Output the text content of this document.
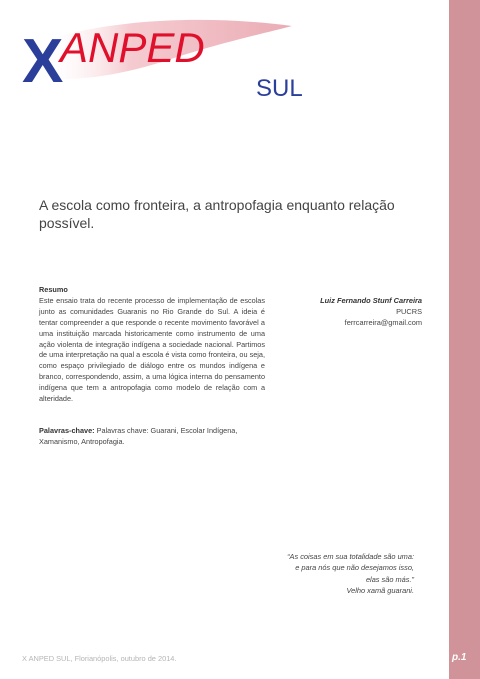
X
ANPED
SUL
A escola como fronteira, a antropofagia enquanto relação possível.
Resumo
Este ensaio trata do recente processo de implementação de escolas junto as comunidades Guaranis no Rio Grande do Sul. A ideia é tentar compreender a que responde o recente movimento favorável a uma instituição marcada historicamente como instrumento de uma ação violenta de integração indígena a sociedade nacional. Partimos de uma interpretação na qual a escola é vista como fronteira, ou seja, como espaço privilegiado de diálogo entre os mundos indígena e branco, correspondendo, assim, a uma lógica interna do pensamento indígena que tem a antropofagia como modelo de relação com a alteridade.
Palavras-chave: Palavras chave: Guarani, Escolar Indígena, Xamanismo, Antropofagia.
Luiz Fernando Stunf Carreira
PUCRS
ferrcarreira@gmail.com
“As coisas em sua totalidade são uma:
e para nós que não desejamos isso,
elas são más.”
Velho xamã guarani.
X ANPED SUL, Florianópolis, outubro de 2014.	p.1
